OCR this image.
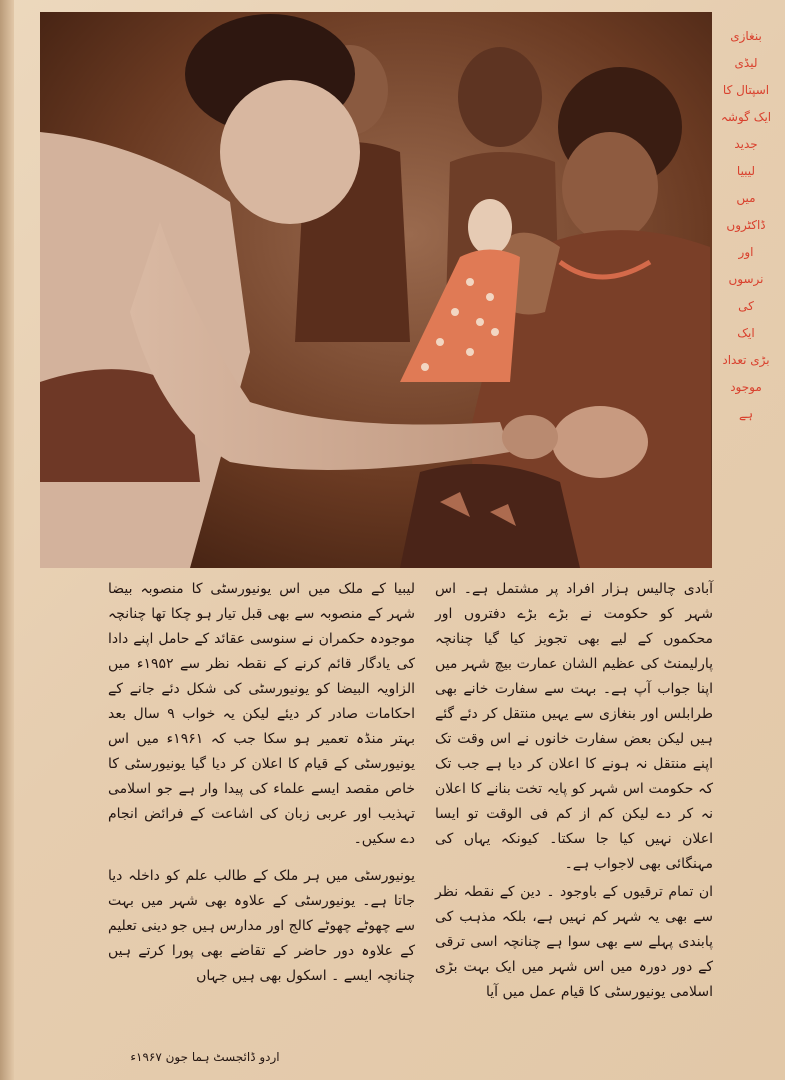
بنغازی
لیڈی
اسپتال کا
ایک گوشہ
جدید
لیبیا
میں
ڈاکٹروں
اور
نرسوں
کی
ایک
بڑی تعداد
موجود
ہے

آبادی چالیس ہزار افراد پر مشتمل ہے۔ اس شہر کو حکومت نے بڑے بڑے دفتروں اور محکموں کے لیے بھی تجویز کیا گیا چنانچہ پارلیمنٹ کی عظیم الشان عمارت بیچ شہر میں اپنا جواب آپ ہے۔ بہت سے سفارت خانے بھی طرابلس اور بنغازی سے یہیں منتقل کر دئے گئے ہیں لیکن بعض سفارت خانوں نے اس وقت تک اپنے منتقل نہ ہونے کا اعلان کر دیا ہے جب تک کہ حکومت اس شہر کو پایہ تخت بنانے کا اعلان نہ کر دے لیکن کم از کم فی الوقت تو ایسا اعلان نہیں کیا جا سکتا۔ کیونکہ یہاں کی مہنگائی بھی لاجواب ہے۔

ان تمام ترقیوں کے باوجود ۔ دین کے نقطہ نظر سے بھی یہ شہر کم نہیں ہے، بلکہ مذہب کی پابندی پہلے سے بھی سوا ہے چنانچہ اسی ترقی کے دور دورہ میں اس شہر میں ایک بہت بڑی اسلامی یونیورسٹی کا قیام عمل میں آیا

لیبیا کے ملک میں اس یونیورسٹی کا منصوبہ بیضا شہر کے منصوبہ سے بھی قبل تیار ہو چکا تھا چنانچہ موجودہ حکمران نے سنوسی عقائد کے حامل اپنے دادا کی یادگار قائم کرنے کے نقطہ نظر سے ۱۹۵۲ء میں الزاویہ البیضا کو یونیورسٹی کی شکل دئے جانے کے احکامات صادر کر دیئے لیکن یہ خواب ۹ سال بعد بہتر منڈہ تعمیر ہو سکا جب کہ ۱۹۶۱ء میں اس یونیورسٹی کے قیام کا اعلان کر دیا گیا یونیورسٹی کا خاص مقصد ایسے علماء کی پیدا وار ہے جو اسلامی تہذیب اور عربی زبان کی اشاعت کے فرائض انجام دے سکیں۔

یونیورسٹی میں ہر ملک کے طالب علم کو داخلہ دیا جاتا ہے۔ یونیورسٹی کے علاوہ بھی شہر میں بہت سے چھوٹے چھوٹے کالج اور مدارس ہیں جو دینی تعلیم کے علاوہ دور حاضر کے تقاضے بھی پورا کرتے ہیں چنانچہ ایسے ۔ اسکول بھی ہیں جہاں

اردو ڈائجسٹ ہما جون ۱۹۶۷ء
